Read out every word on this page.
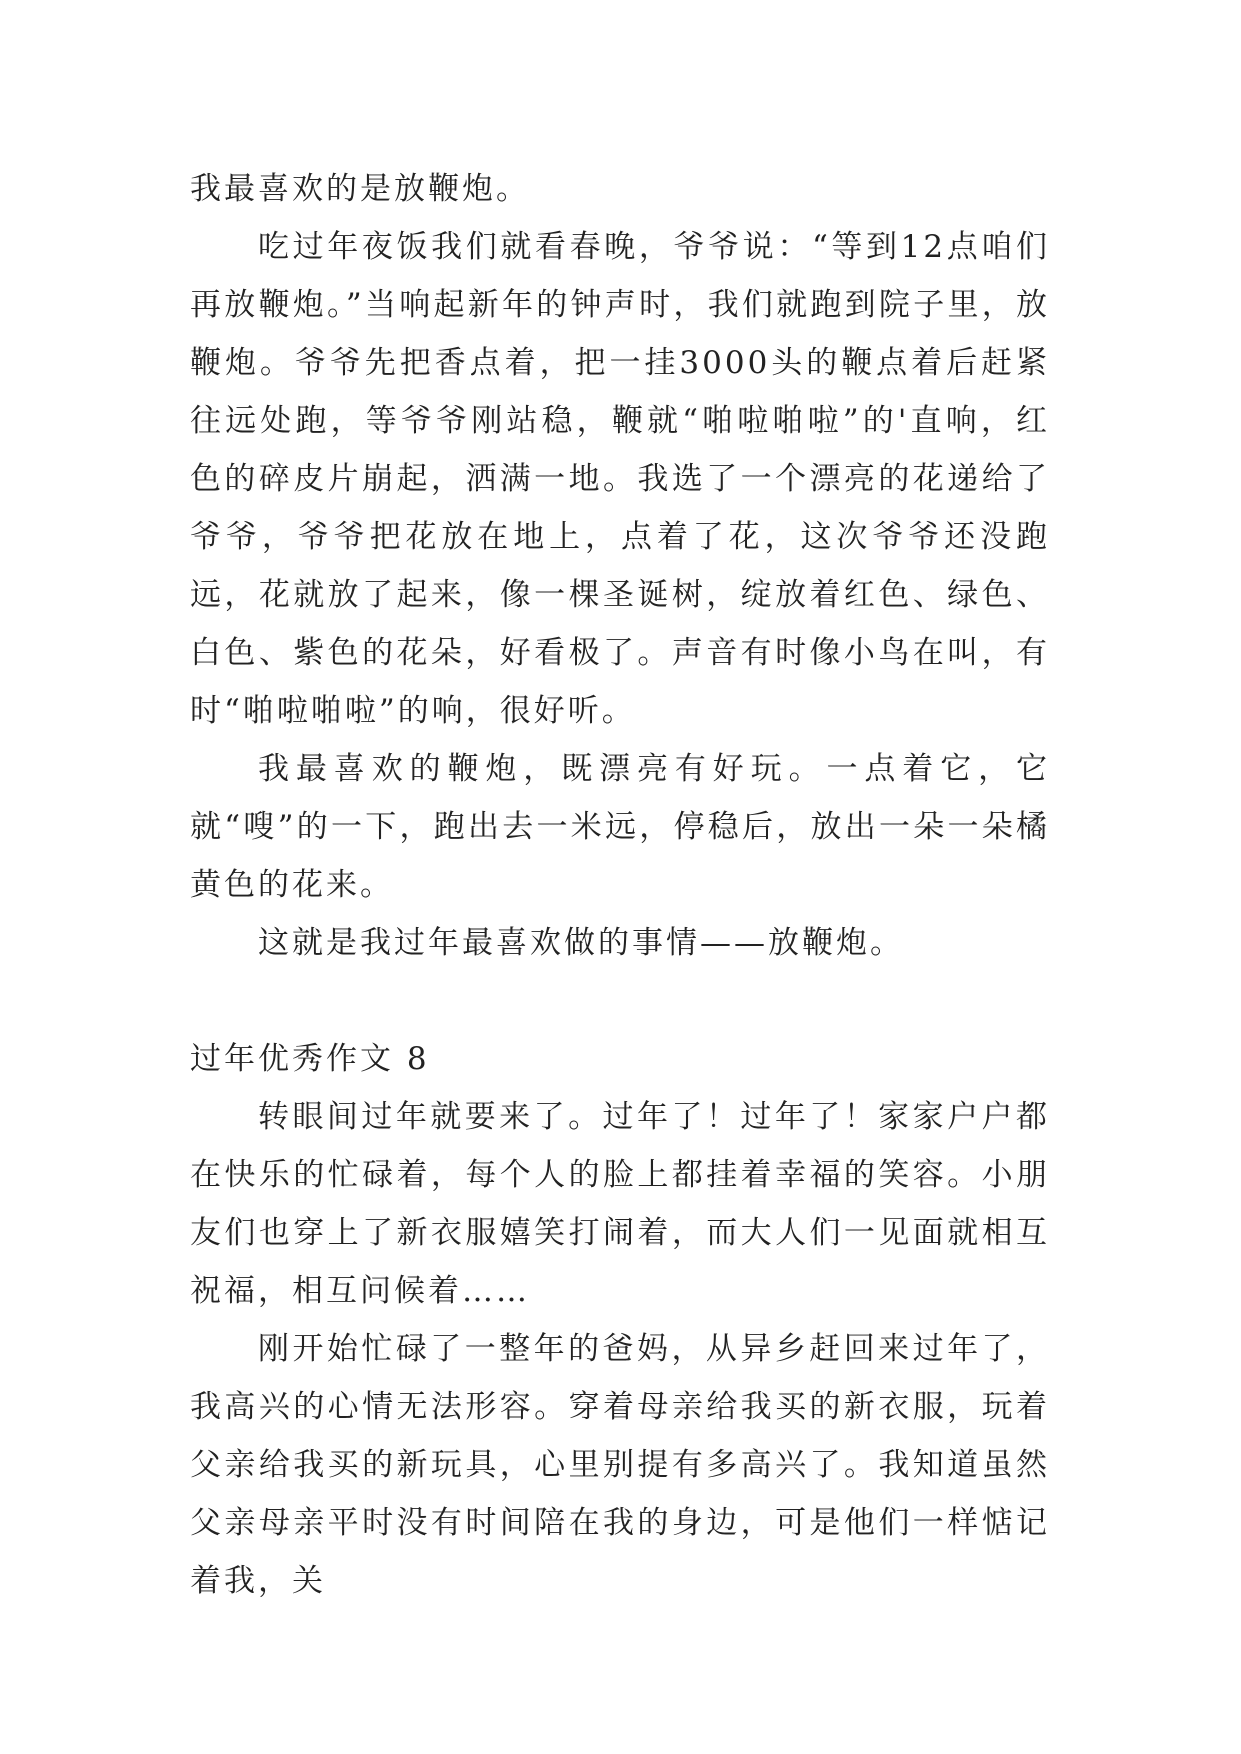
我最喜欢的是放鞭炮。

吃过年夜饭我们就看春晚，爷爷说：“等到12点咱们再放鞭炮。”当响起新年的钟声时，我们就跑到院子里，放鞭炮。爷爷先把香点着，把一挂3000头的鞭点着后赶紧往远处跑，等爷爷刚站稳，鞭就“啪啦啪啦”的'直响，红色的碎皮片崩起，洒满一地。我选了一个漂亮的花递给了爷爷，爷爷把花放在地上，点着了花，这次爷爷还没跑远，花就放了起来，像一棵圣诞树，绽放着红色、绿色、白色、紫色的花朵，好看极了。声音有时像小鸟在叫，有时“啪啦啪啦”的响，很好听。

我最喜欢的鞭炮，既漂亮有好玩。一点着它，它就“嗖”的一下，跑出去一米远，停稳后，放出一朵一朵橘黄色的花来。

这就是我过年最喜欢做的事情——放鞭炮。

过年优秀作文 8

转眼间过年就要来了。过年了！过年了！家家户户都在快乐的忙碌着，每个人的脸上都挂着幸福的笑容。小朋友们也穿上了新衣服嬉笑打闹着，而大人们一见面就相互祝福，相互问候着……

刚开始忙碌了一整年的爸妈，从异乡赶回来过年了，我高兴的心情无法形容。穿着母亲给我买的新衣服，玩着父亲给我买的新玩具，心里别提有多高兴了。我知道虽然父亲母亲平时没有时间陪在我的身边，可是他们一样惦记着我，关
